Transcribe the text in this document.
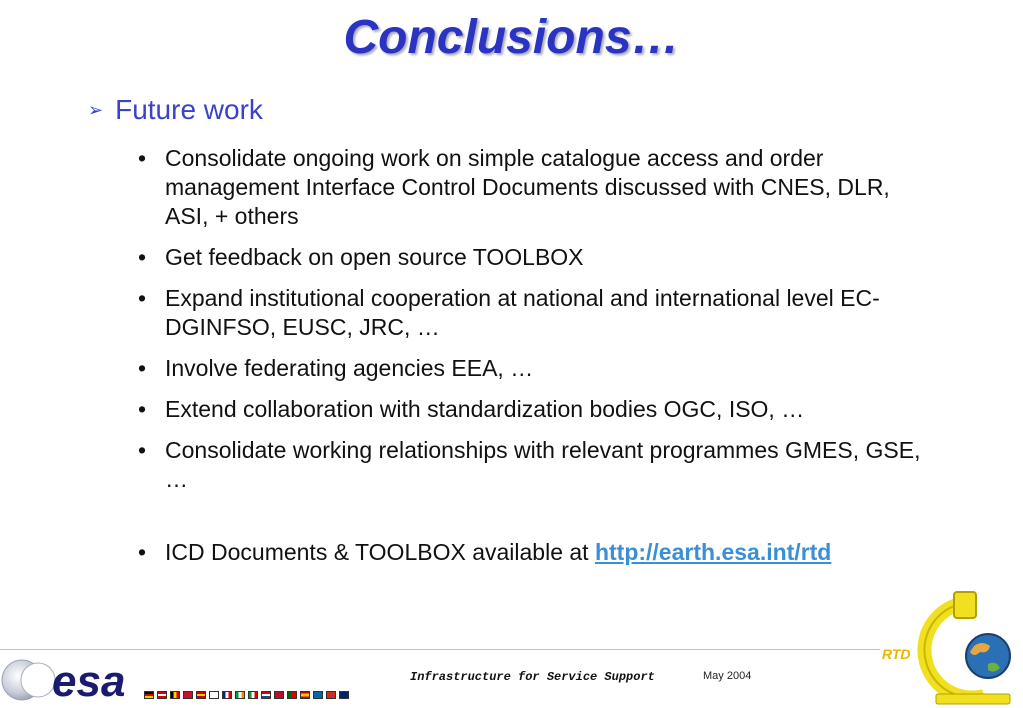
Conclusions…
➢ Future work
• Consolidate ongoing work on simple catalogue access and order management Interface Control Documents discussed with CNES, DLR, ASI, + others
• Get feedback on open source TOOLBOX
• Expand institutional cooperation at national and international level EC-DGINFSO, EUSC, JRC, …
• Involve federating agencies EEA, …
• Extend collaboration with standardization bodies OGC, ISO, …
• Consolidate working relationships with relevant programmes GMES, GSE, …
• ICD Documents & TOOLBOX available at http://earth.esa.int/rtd
esa	Infrastructure for Service Support	May 2004
RTD
